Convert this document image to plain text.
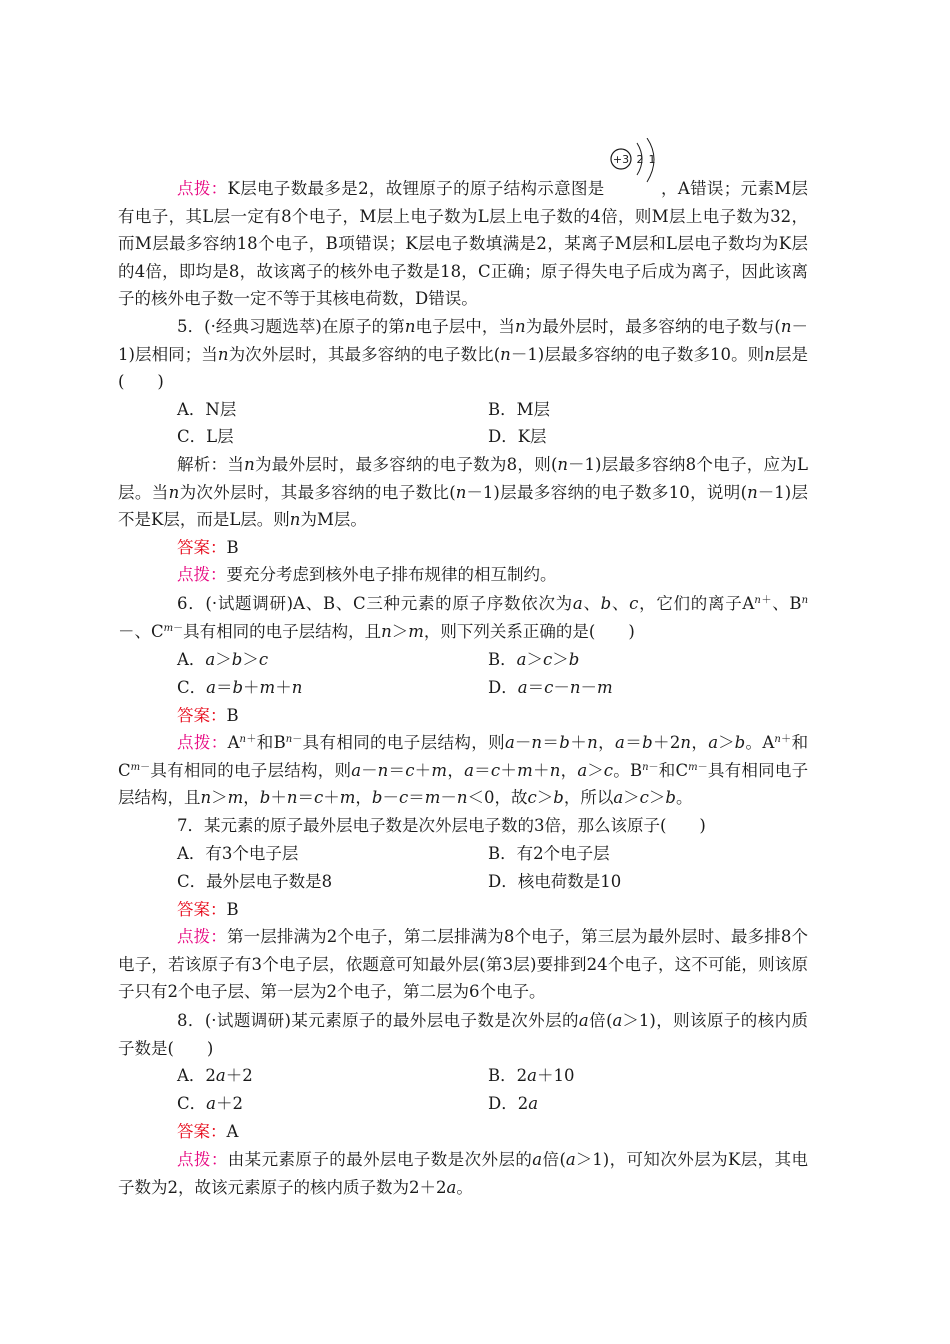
+3 2 1

点拨：K层电子数最多是2，故锂原子的原子结构示意图是	，A错误；元素M层有电子，其L层一定有8个电子，M层上电子数为L层上电子数的4倍，则M层上电子数为32，而M层最多容纳18个电子，B项错误；K层电子数填满是2，某离子M层和L层电子数均为K层的4倍，即均是8，故该离子的核外电子数是18，C正确；原子得失电子后成为离子，因此该离子的核外电子数一定不等于其核电荷数，D错误。

5．(·经典习题选萃)在原子的第n电子层中，当n为最外层时，最多容纳的电子数与(n－1)层相同；当n为次外层时，其最多容纳的电子数比(n－1)层最多容纳的电子数多10。则n层是(　　)

A．N层	B．M层
C．L层	D．K层

解析：当n为最外层时，最多容纳的电子数为8，则(n－1)层最多容纳8个电子，应为L层。当n为次外层时，其最多容纳的电子数比(n－1)层最多容纳的电子数多10，说明(n－1)层不是K层，而是L层。则n为M层。

答案：B

点拨：要充分考虑到核外电子排布规律的相互制约。

6．(·试题调研)A、B、C三种元素的原子序数依次为a、b、c，它们的离子$A^{n+}$、$B^n-$、$C^{m-}$具有相同的电子层结构，且n＞m，则下列关系正确的是(　　)

A．a＞b＞c	B．a＞c＞b
C．a＝b＋m＋n	D．a＝c－n－m

答案：B

点拨：$A^{n+}$和$B^{n-}$具有相同的电子层结构，则a－n＝b＋n，a＝b＋2n，a＞b。$A^{n+}$和$C^{m-}$具有相同的电子层结构，则a－n＝c＋m，a＝c＋m＋n，a＞c。$B^{n-}$和$C^{m-}$具有相同电子层结构，且n＞m，b＋n＝c＋m，b－c＝m－n＜0，故c＞b，所以a＞c＞b。

7．某元素的原子最外层电子数是次外层电子数的3倍，那么该原子(　　)

A．有3个电子层	B．有2个电子层
C．最外层电子数是8	D．核电荷数是10

答案：B

点拨：第一层排满为2个电子，第二层排满为8个电子，第三层为最外层时、最多排8个电子，若该原子有3个电子层，依题意可知最外层(第3层)要排到24个电子，这不可能，则该原子只有2个电子层、第一层为2个电子，第二层为6个电子。

8．(·试题调研)某元素原子的最外层电子数是次外层的a倍(a＞1)，则该原子的核内质子数是(　　)

A．2a＋2	B．2a＋10
C．a＋2	D．2a

答案：A

点拨：由某元素原子的最外层电子数是次外层的a倍(a＞1)，可知次外层为K层，其电子数为2，故该元素原子的核内质子数为2＋2a。
